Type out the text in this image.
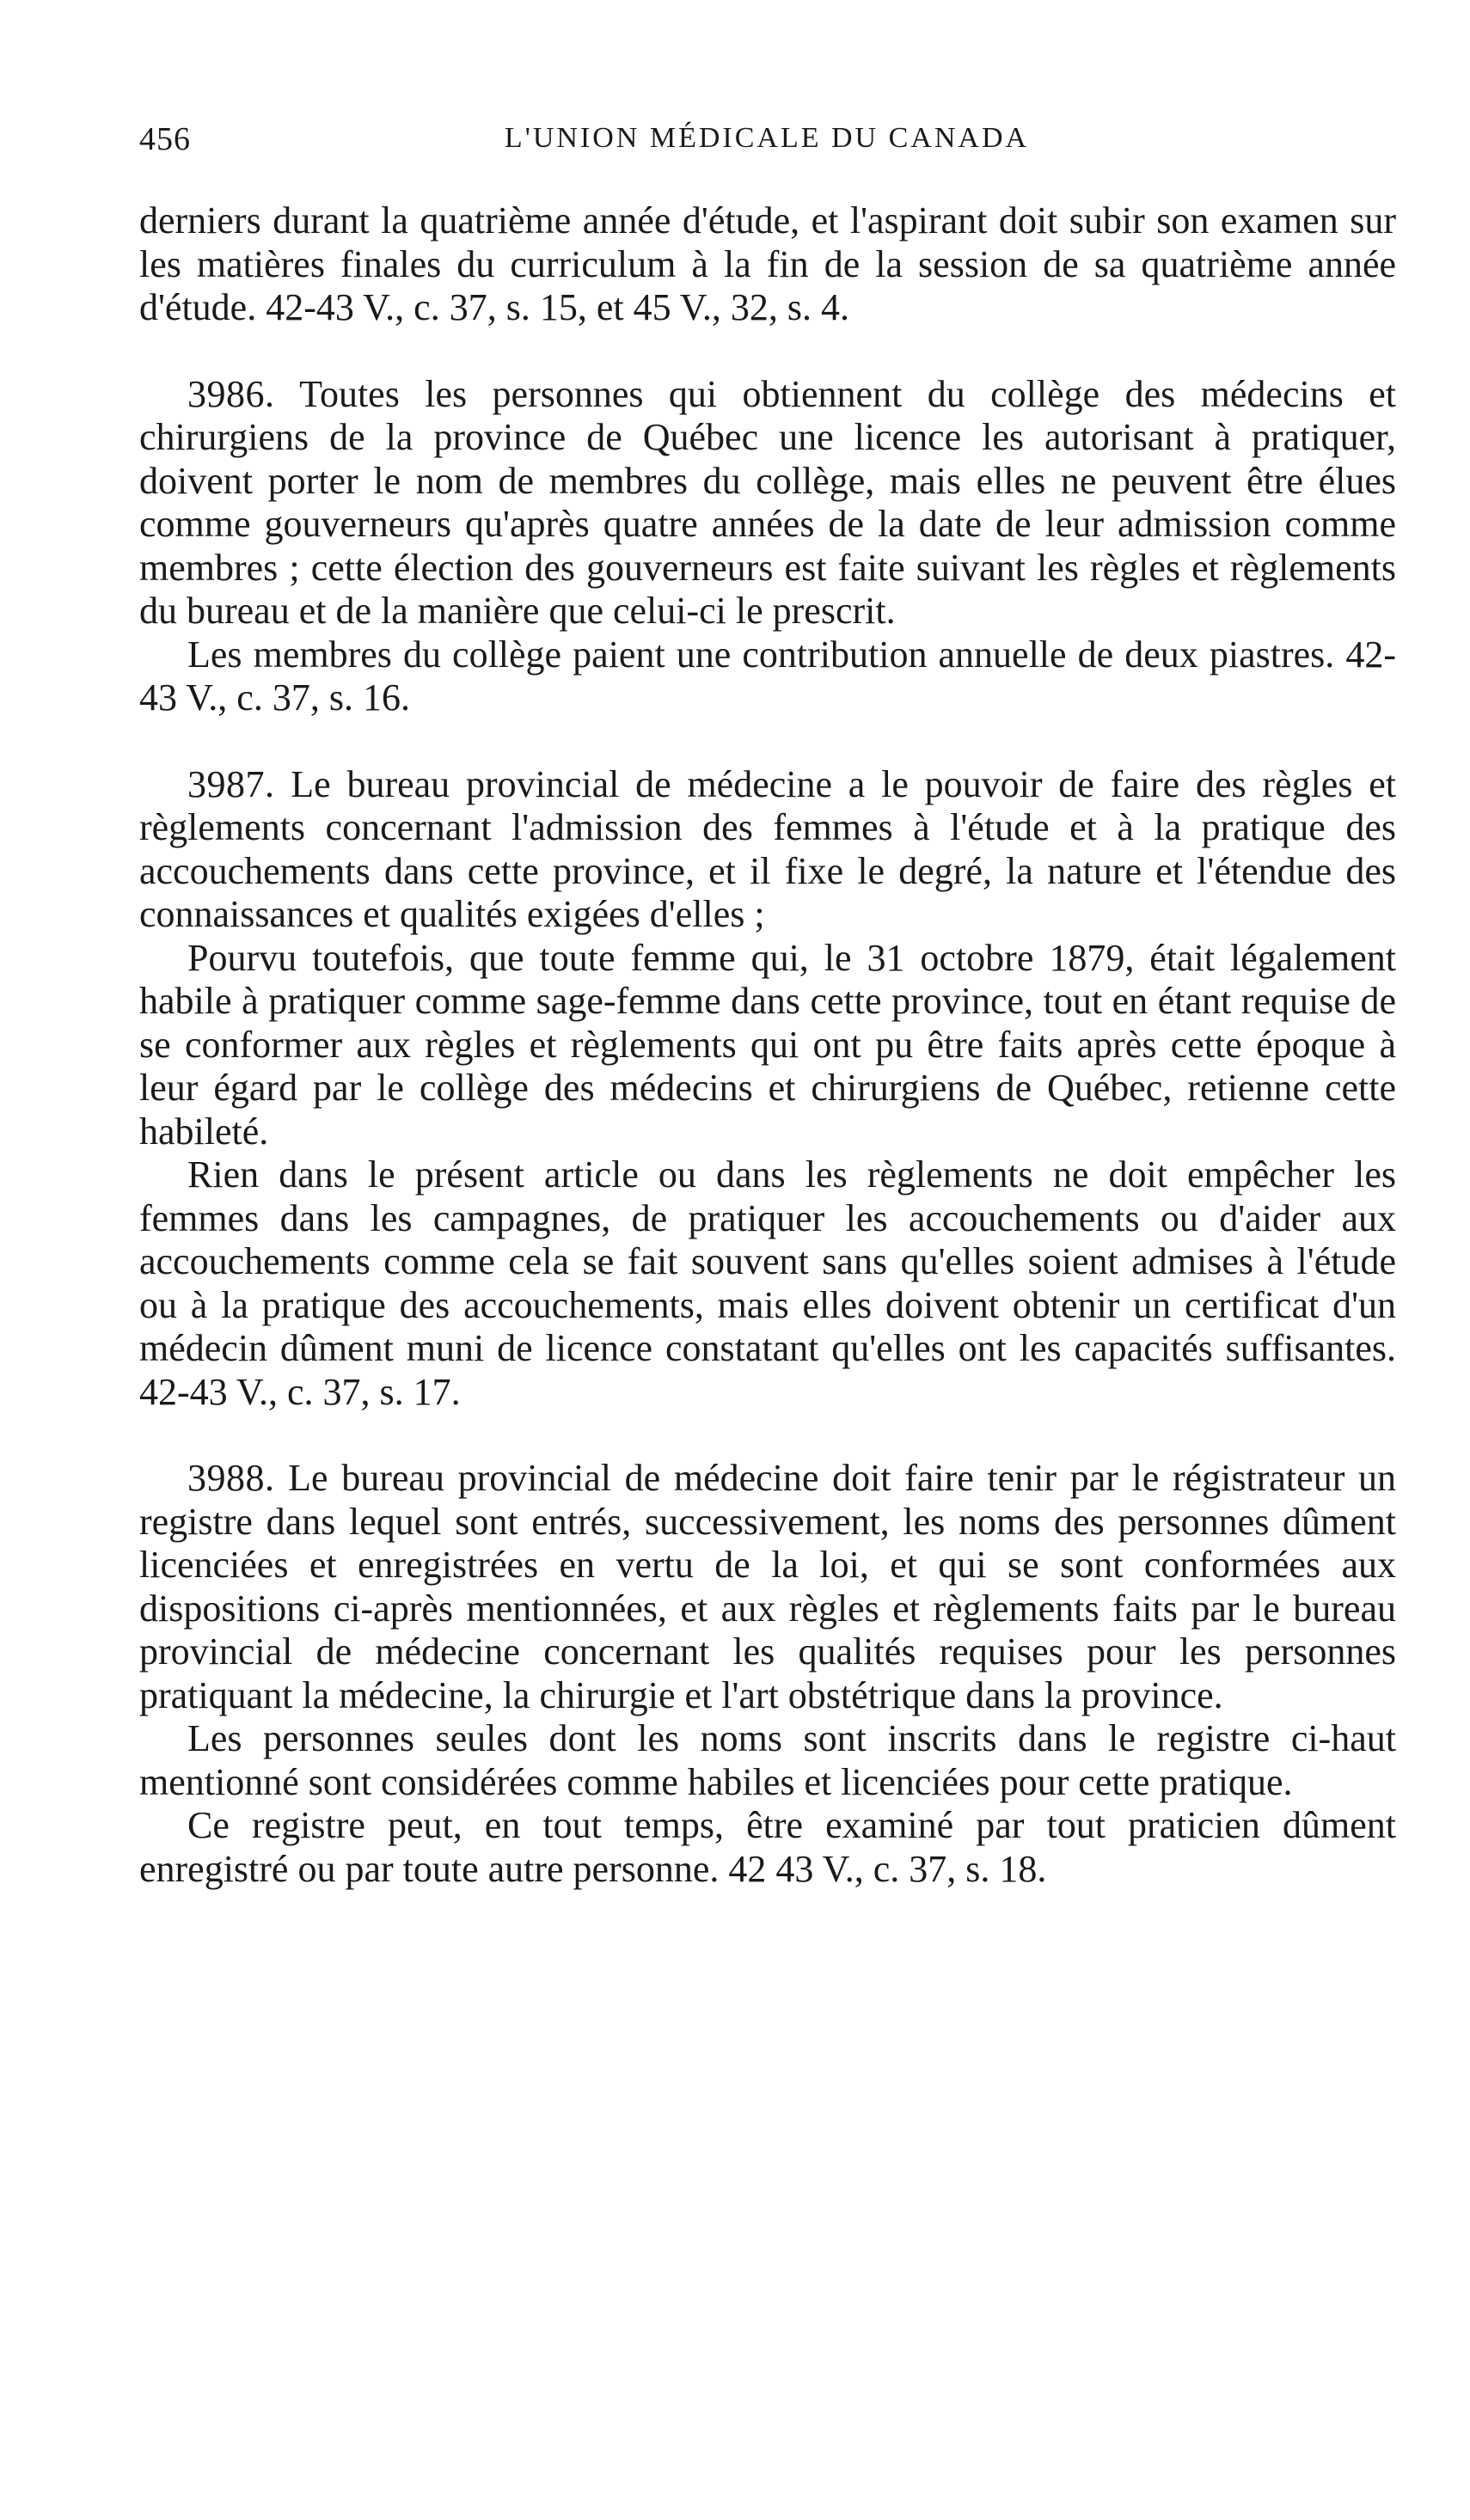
456	L'UNION MÉDICALE DU CANADA

derniers durant la quatrième année d'étude, et l'aspirant doit subir son examen sur les matières finales du curriculum à la fin de la session de sa quatrième année d'étude. 42-43 V., c. 37, s. 15, et 45 V., 32, s. 4.

3986. Toutes les personnes qui obtiennent du collège des médecins et chirurgiens de la province de Québec une licence les autorisant à pratiquer, doivent porter le nom de membres du collège, mais elles ne peuvent être élues comme gouverneurs qu'après quatre années de la date de leur admission comme membres ; cette élection des gouverneurs est faite suivant les règles et règlements du bureau et de la manière que celui-ci le prescrit.

Les membres du collège paient une contribution annuelle de deux piastres. 42-43 V., c. 37, s. 16.

3987. Le bureau provincial de médecine a le pouvoir de faire des règles et règlements concernant l'admission des femmes à l'étude et à la pratique des accouchements dans cette province, et il fixe le degré, la nature et l'étendue des connaissances et qualités exigées d'elles ;

Pourvu toutefois, que toute femme qui, le 31 octobre 1879, était légalement habile à pratiquer comme sage-femme dans cette province, tout en étant requise de se conformer aux règles et règlements qui ont pu être faits après cette époque à leur égard par le collège des médecins et chirurgiens de Québec, retienne cette habileté.

Rien dans le présent article ou dans les règlements ne doit empêcher les femmes dans les campagnes, de pratiquer les accouchements ou d'aider aux accouchements comme cela se fait souvent sans qu'elles soient admises à l'étude ou à la pratique des accouchements, mais elles doivent obtenir un certificat d'un médecin dûment muni de licence constatant qu'elles ont les capacités suffisantes. 42-43 V., c. 37, s. 17.

3988. Le bureau provincial de médecine doit faire tenir par le régistrateur un registre dans lequel sont entrés, successivement, les noms des personnes dûment licenciées et enregistrées en vertu de la loi, et qui se sont conformées aux dispositions ci-après mentionnées, et aux règles et règlements faits par le bureau provincial de médecine concernant les qualités requises pour les personnes pratiquant la médecine, la chirurgie et l'art obstétrique dans la province.

Les personnes seules dont les noms sont inscrits dans le registre ci-haut mentionné sont considérées comme habiles et licenciées pour cette pratique.

Ce registre peut, en tout temps, être examiné par tout praticien dûment enregistré ou par toute autre personne. 42 43 V., c. 37, s. 18.
